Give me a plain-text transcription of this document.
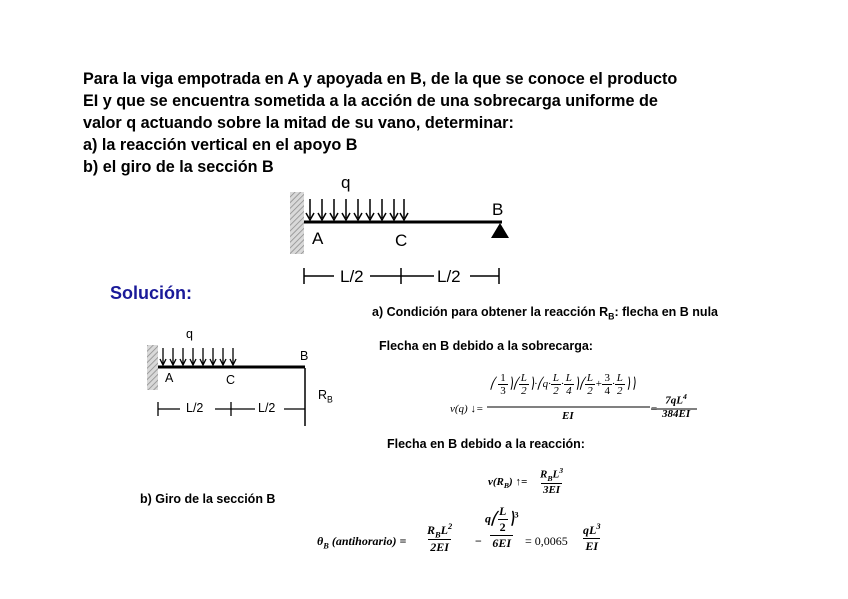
Para la viga empotrada en A y apoyada en B, de la que se conoce el producto
EI y que se encuentra sometida a la acción de una sobrecarga uniforme de
valor q actuando sobre la mitad de su vano, determinar:
a) la reacción vertical en el apoyo B
b) el giro de la sección B
q
B
A	C
L/2	L/2
Solución:
a) Condición para obtener la reacción $R_B$: flecha en B nula
q
B
A	C
L/2	L/2
$R_B$
Flecha en B debido a la sobrecarga:
v(q) ↓=
⎛ $\frac{1}{3}$ ⎞⎛ $\frac{L}{2}$ ⎞·⎛q· $\frac{L}{2} \cdot \frac{L}{4}$ ⎞⎛ $\frac{L}{2} + \frac{3}{4} \cdot \frac{L}{2}$ ⎞⎞
EI
=
$7qL^4$
384EI
Flecha en B debido a la reacción:
$v(R_B)$ ↑=
$R_BL^3$
3EI
b) Giro de la sección B
$\theta_B$ (antihorario) =
$R_BL^2$
$2EI - \frac{q⎛ \frac{L}{2} ⎞^3}{6EI} = 0,0065 \frac{qL^3}{EI}$
